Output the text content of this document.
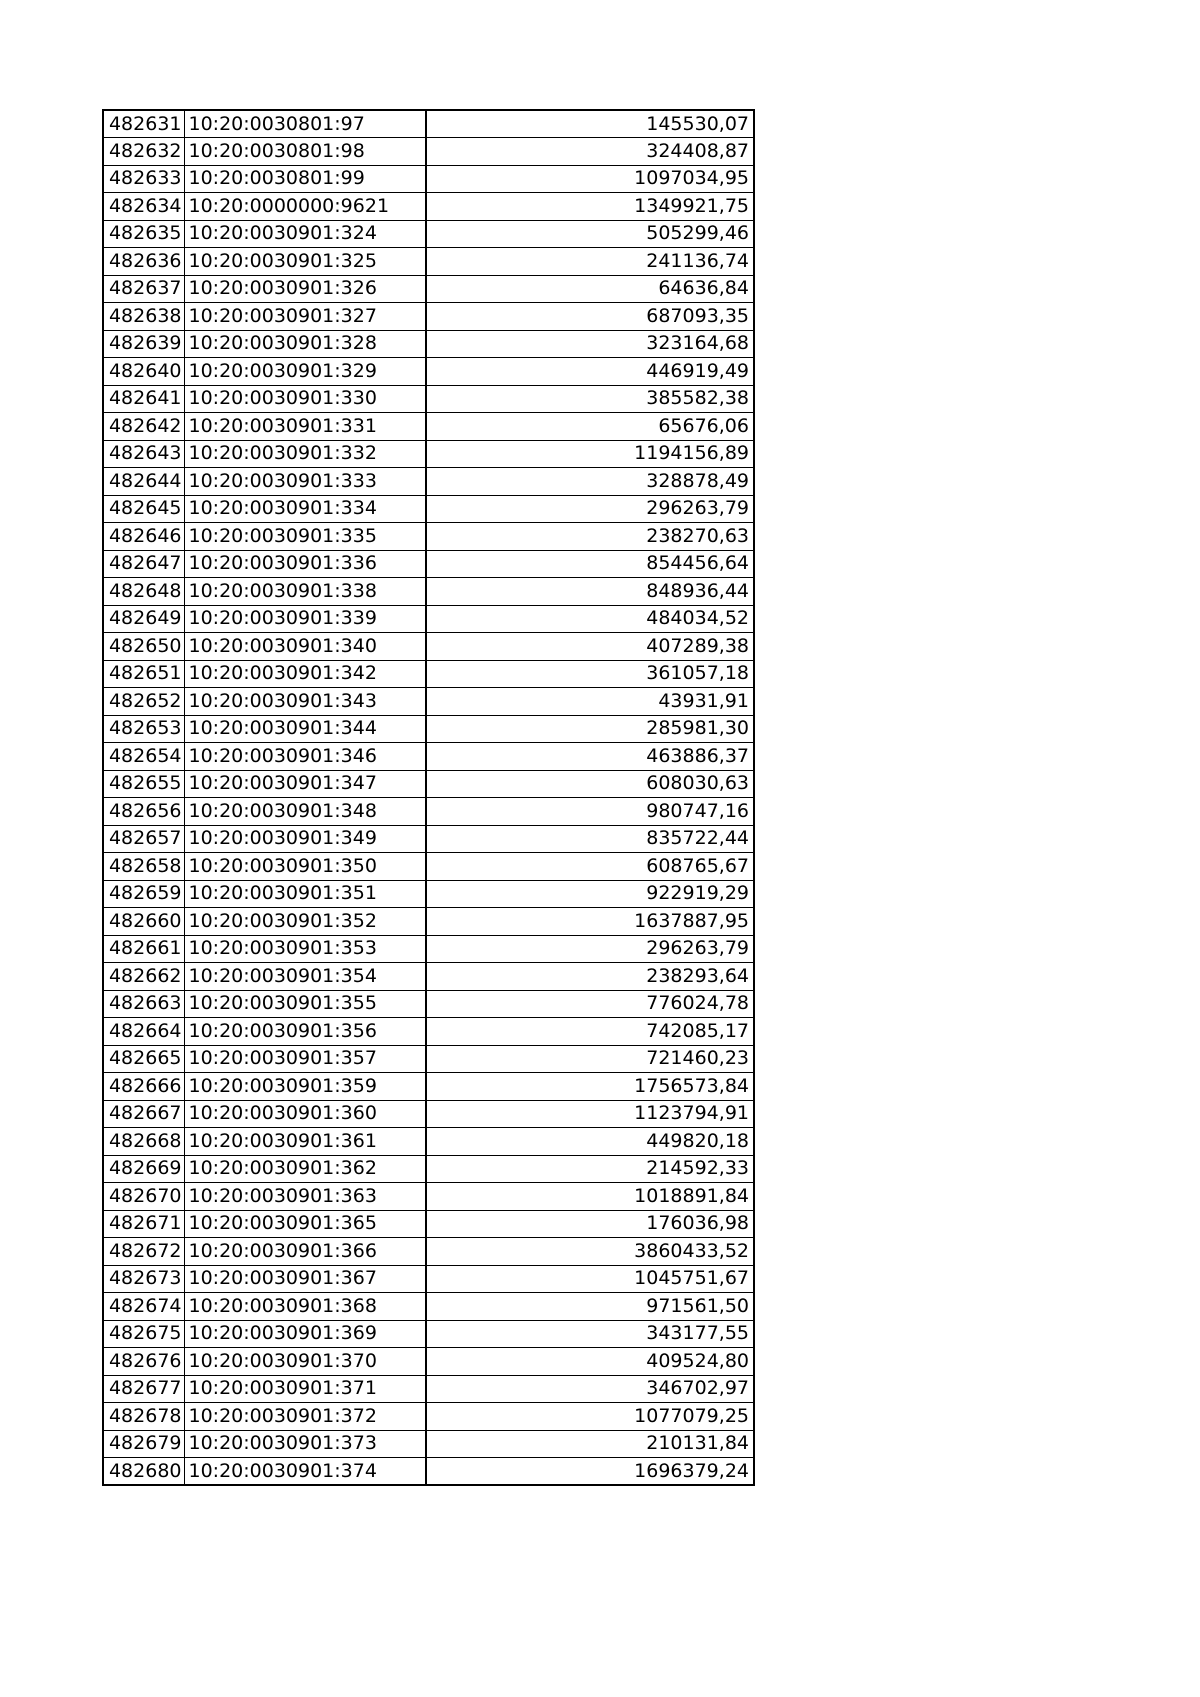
482631	10:20:0030801:97	145530,07
482632	10:20:0030801:98	324408,87
482633	10:20:0030801:99	1097034,95
482634	10:20:0000000:9621	1349921,75
482635	10:20:0030901:324	505299,46
482636	10:20:0030901:325	241136,74
482637	10:20:0030901:326	64636,84
482638	10:20:0030901:327	687093,35
482639	10:20:0030901:328	323164,68
482640	10:20:0030901:329	446919,49
482641	10:20:0030901:330	385582,38
482642	10:20:0030901:331	65676,06
482643	10:20:0030901:332	1194156,89
482644	10:20:0030901:333	328878,49
482645	10:20:0030901:334	296263,79
482646	10:20:0030901:335	238270,63
482647	10:20:0030901:336	854456,64
482648	10:20:0030901:338	848936,44
482649	10:20:0030901:339	484034,52
482650	10:20:0030901:340	407289,38
482651	10:20:0030901:342	361057,18
482652	10:20:0030901:343	43931,91
482653	10:20:0030901:344	285981,30
482654	10:20:0030901:346	463886,37
482655	10:20:0030901:347	608030,63
482656	10:20:0030901:348	980747,16
482657	10:20:0030901:349	835722,44
482658	10:20:0030901:350	608765,67
482659	10:20:0030901:351	922919,29
482660	10:20:0030901:352	1637887,95
482661	10:20:0030901:353	296263,79
482662	10:20:0030901:354	238293,64
482663	10:20:0030901:355	776024,78
482664	10:20:0030901:356	742085,17
482665	10:20:0030901:357	721460,23
482666	10:20:0030901:359	1756573,84
482667	10:20:0030901:360	1123794,91
482668	10:20:0030901:361	449820,18
482669	10:20:0030901:362	214592,33
482670	10:20:0030901:363	1018891,84
482671	10:20:0030901:365	176036,98
482672	10:20:0030901:366	3860433,52
482673	10:20:0030901:367	1045751,67
482674	10:20:0030901:368	971561,50
482675	10:20:0030901:369	343177,55
482676	10:20:0030901:370	409524,80
482677	10:20:0030901:371	346702,97
482678	10:20:0030901:372	1077079,25
482679	10:20:0030901:373	210131,84
482680	10:20:0030901:374	1696379,24
